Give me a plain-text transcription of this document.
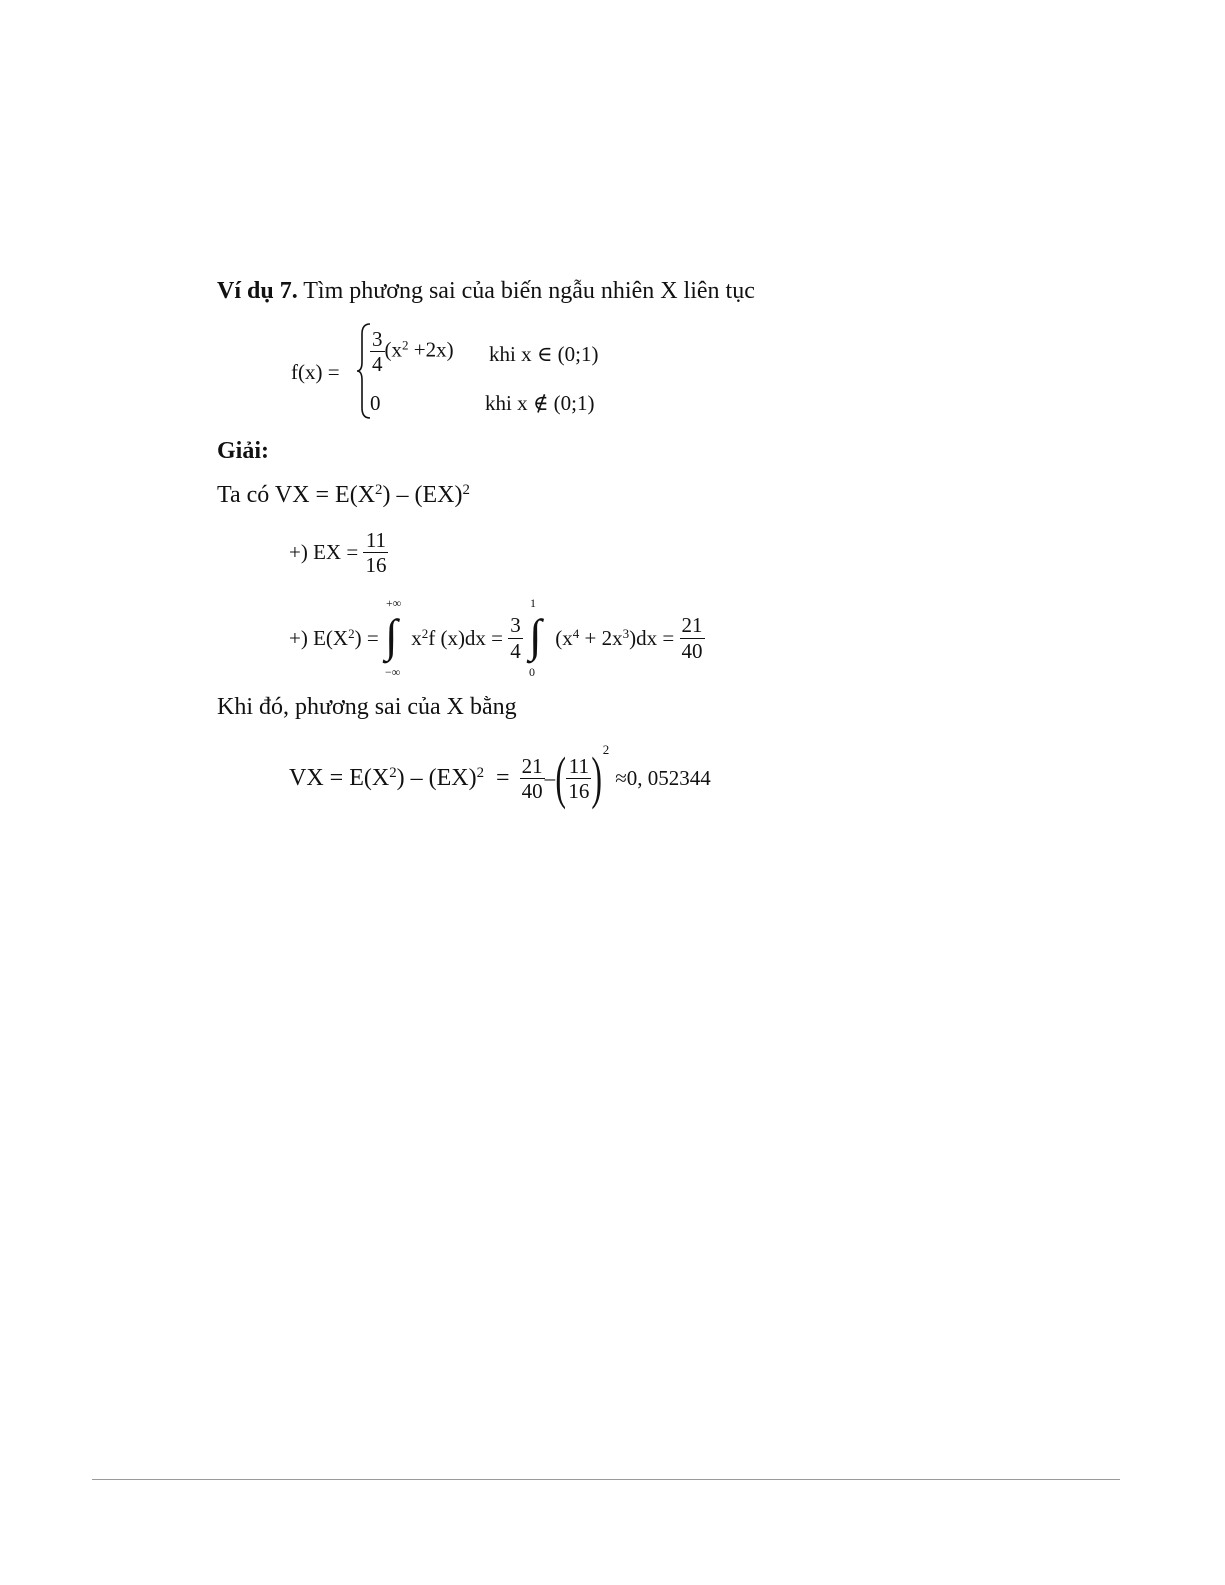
Ví dụ 7. Tìm phương sai của biến ngẫu nhiên X liên tục
$f(x) = \frac{3}{4} (x^2 +2x)$ khi x ∈ (0;1)
0	khi x ∉ (0;1)
Giải:
Ta có VX = $E(X^2) - (EX)^2$
+) EX = $\frac{11}{16}$
+) $E(X^2)$ =
+∞
∫
−∞
$x^2f$ $(x)dx = \frac{3}{4}$

1
∫
0
$(x^4 + 2x^3)dx = \frac{21}{40}$
Khi đó, phương sai của X bằng
VX = $E(X^2) - (EX)^2 = \frac{21}{40}$ –( $\frac{11}{16} )^2 \approx 0$, 052344
